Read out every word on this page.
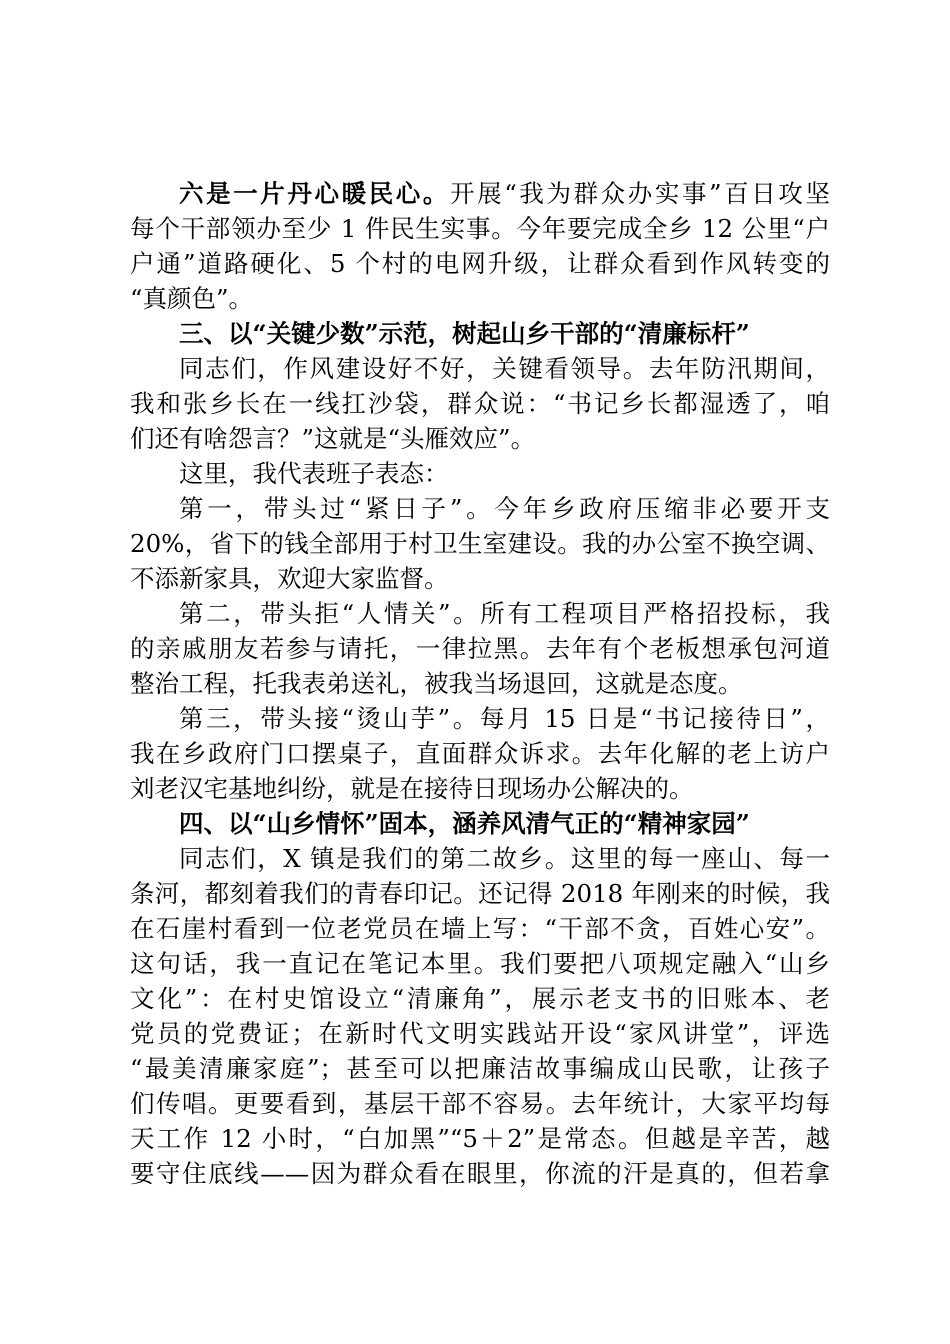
六是一片丹心暖民心。开展“我为群众办实事”百日攻坚
每个干部领办至少 1 件民生实事。今年要完成全乡 12 公里“户
户通”道路硬化、5 个村的电网升级，让群众看到作风转变的
“真颜色”。
三、以“关键少数”示范，树起山乡干部的“清廉标杆”
同志们，作风建设好不好，关键看领导。去年防汛期间，
我和张乡长在一线扛沙袋，群众说：“书记乡长都湿透了，咱
们还有啥怨言？”这就是“头雁效应”。
这里，我代表班子表态：
第一，带头过“紧日子”。今年乡政府压缩非必要开支
20%，省下的钱全部用于村卫生室建设。我的办公室不换空调、
不添新家具，欢迎大家监督。
第二，带头拒“人情关”。所有工程项目严格招投标，我
的亲戚朋友若参与请托，一律拉黑。去年有个老板想承包河道
整治工程，托我表弟送礼，被我当场退回，这就是态度。
第三，带头接“烫山芋”。每月 15 日是“书记接待日”，
我在乡政府门口摆桌子，直面群众诉求。去年化解的老上访户
刘老汉宅基地纠纷，就是在接待日现场办公解决的。
四、以“山乡情怀”固本，涵养风清气正的“精神家园”
同志们，X 镇是我们的第二故乡。这里的每一座山、每一
条河，都刻着我们的青春印记。还记得 2018 年刚来的时候，我
在石崖村看到一位老党员在墙上写：“干部不贪，百姓心安”。
这句话，我一直记在笔记本里。我们要把八项规定融入“山乡
文化”：在村史馆设立“清廉角”，展示老支书的旧账本、老
党员的党费证；在新时代文明实践站开设“家风讲堂”，评选
“最美清廉家庭”；甚至可以把廉洁故事编成山民歌，让孩子
们传唱。更要看到，基层干部不容易。去年统计，大家平均每
天工作 12 小时，“白加黑”“5＋2”是常态。但越是辛苦，越
要守住底线——因为群众看在眼里，你流的汗是真的，但若拿
